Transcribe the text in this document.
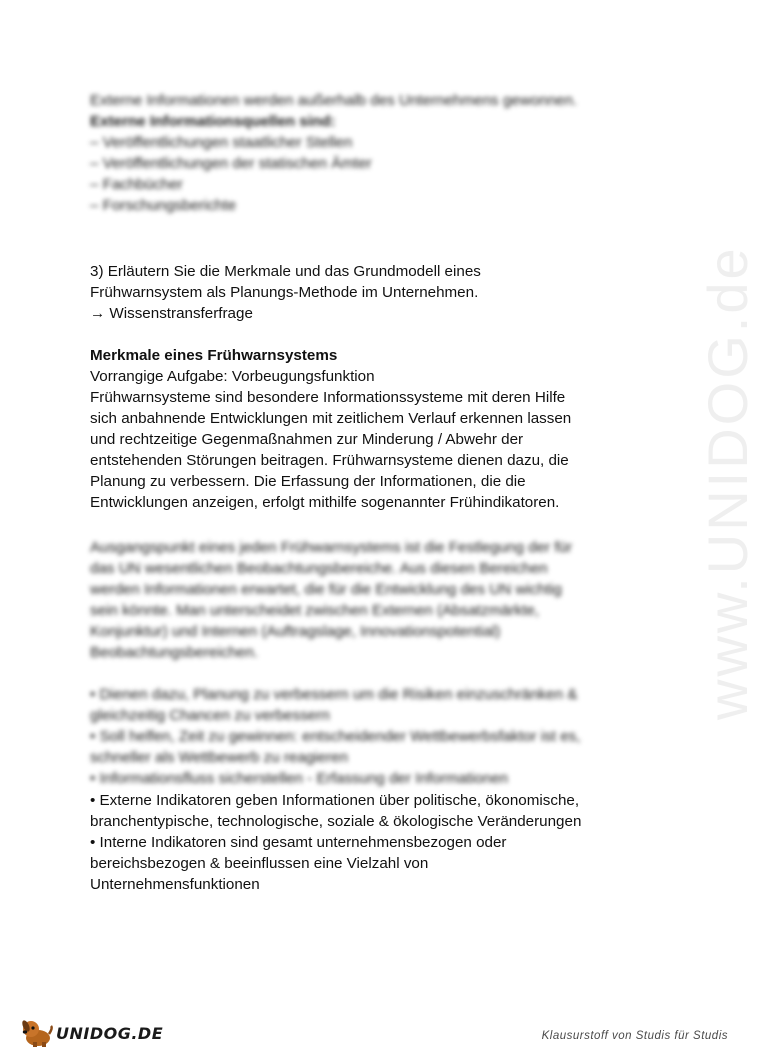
Externe Informationen werden außerhalb des Unternehmens gewonnen.
Externe Informationsquellen sind:
– Veröffentlichungen staatlicher Stellen
– Veröffentlichungen der statischen Ämter
– Fachbücher
– Forschungsberichte
3) Erläutern Sie die Merkmale und das Grundmodell eines
Frühwarnsystem als Planungs-Methode im Unternehmen.
→ Wissenstransferfrage
Merkmale eines Frühwarnsystems
Vorrangige Aufgabe: Vorbeugungsfunktion
Frühwarnsysteme sind besondere Informationssysteme mit deren Hilfe
sich anbahnende Entwicklungen mit zeitlichem Verlauf erkennen lassen
und rechtzeitige Gegenmaßnahmen zur Minderung / Abwehr der
entstehenden Störungen beitragen. Frühwarnsysteme dienen dazu, die
Planung zu verbessern. Die Erfassung der Informationen, die die
Entwicklungen anzeigen, erfolgt mithilfe sogenannter Frühindikatoren.
Ausgangspunkt eines jeden Frühwarnsystems ist die Festlegung der für
das UN wesentlichen Beobachtungsbereiche. Aus diesen Bereichen
werden Informationen erwartet, die für die Entwicklung des UN wichtig
sein könnte. Man unterscheidet zwischen Externen (Absatzmärkte,
Konjunktur) und Internen (Auftragslage, Innovationspotential)
Beobachtungsbereichen.
• Dienen dazu, Planung zu verbessern um die Risiken einzuschränken &
gleichzeitig Chancen zu verbessern
• Soll helfen, Zeit zu gewinnen: entscheidender Wettbewerbsfaktor ist es,
schneller als Wettbewerb zu reagieren
• Informationsfluss sicherstellen - Erfassung der Informationen
• Externe Indikatoren geben Informationen über politische, ökonomische,
branchentypische, technologische, soziale & ökologische Veränderungen
• Interne Indikatoren sind gesamt unternehmensbezogen oder
bereichsbezogen & beeinflussen eine Vielzahl von
Unternehmensfunktionen
www.UNIDOG.de
UNIDOG.DE	Klausurstoff von Studis für Studis
